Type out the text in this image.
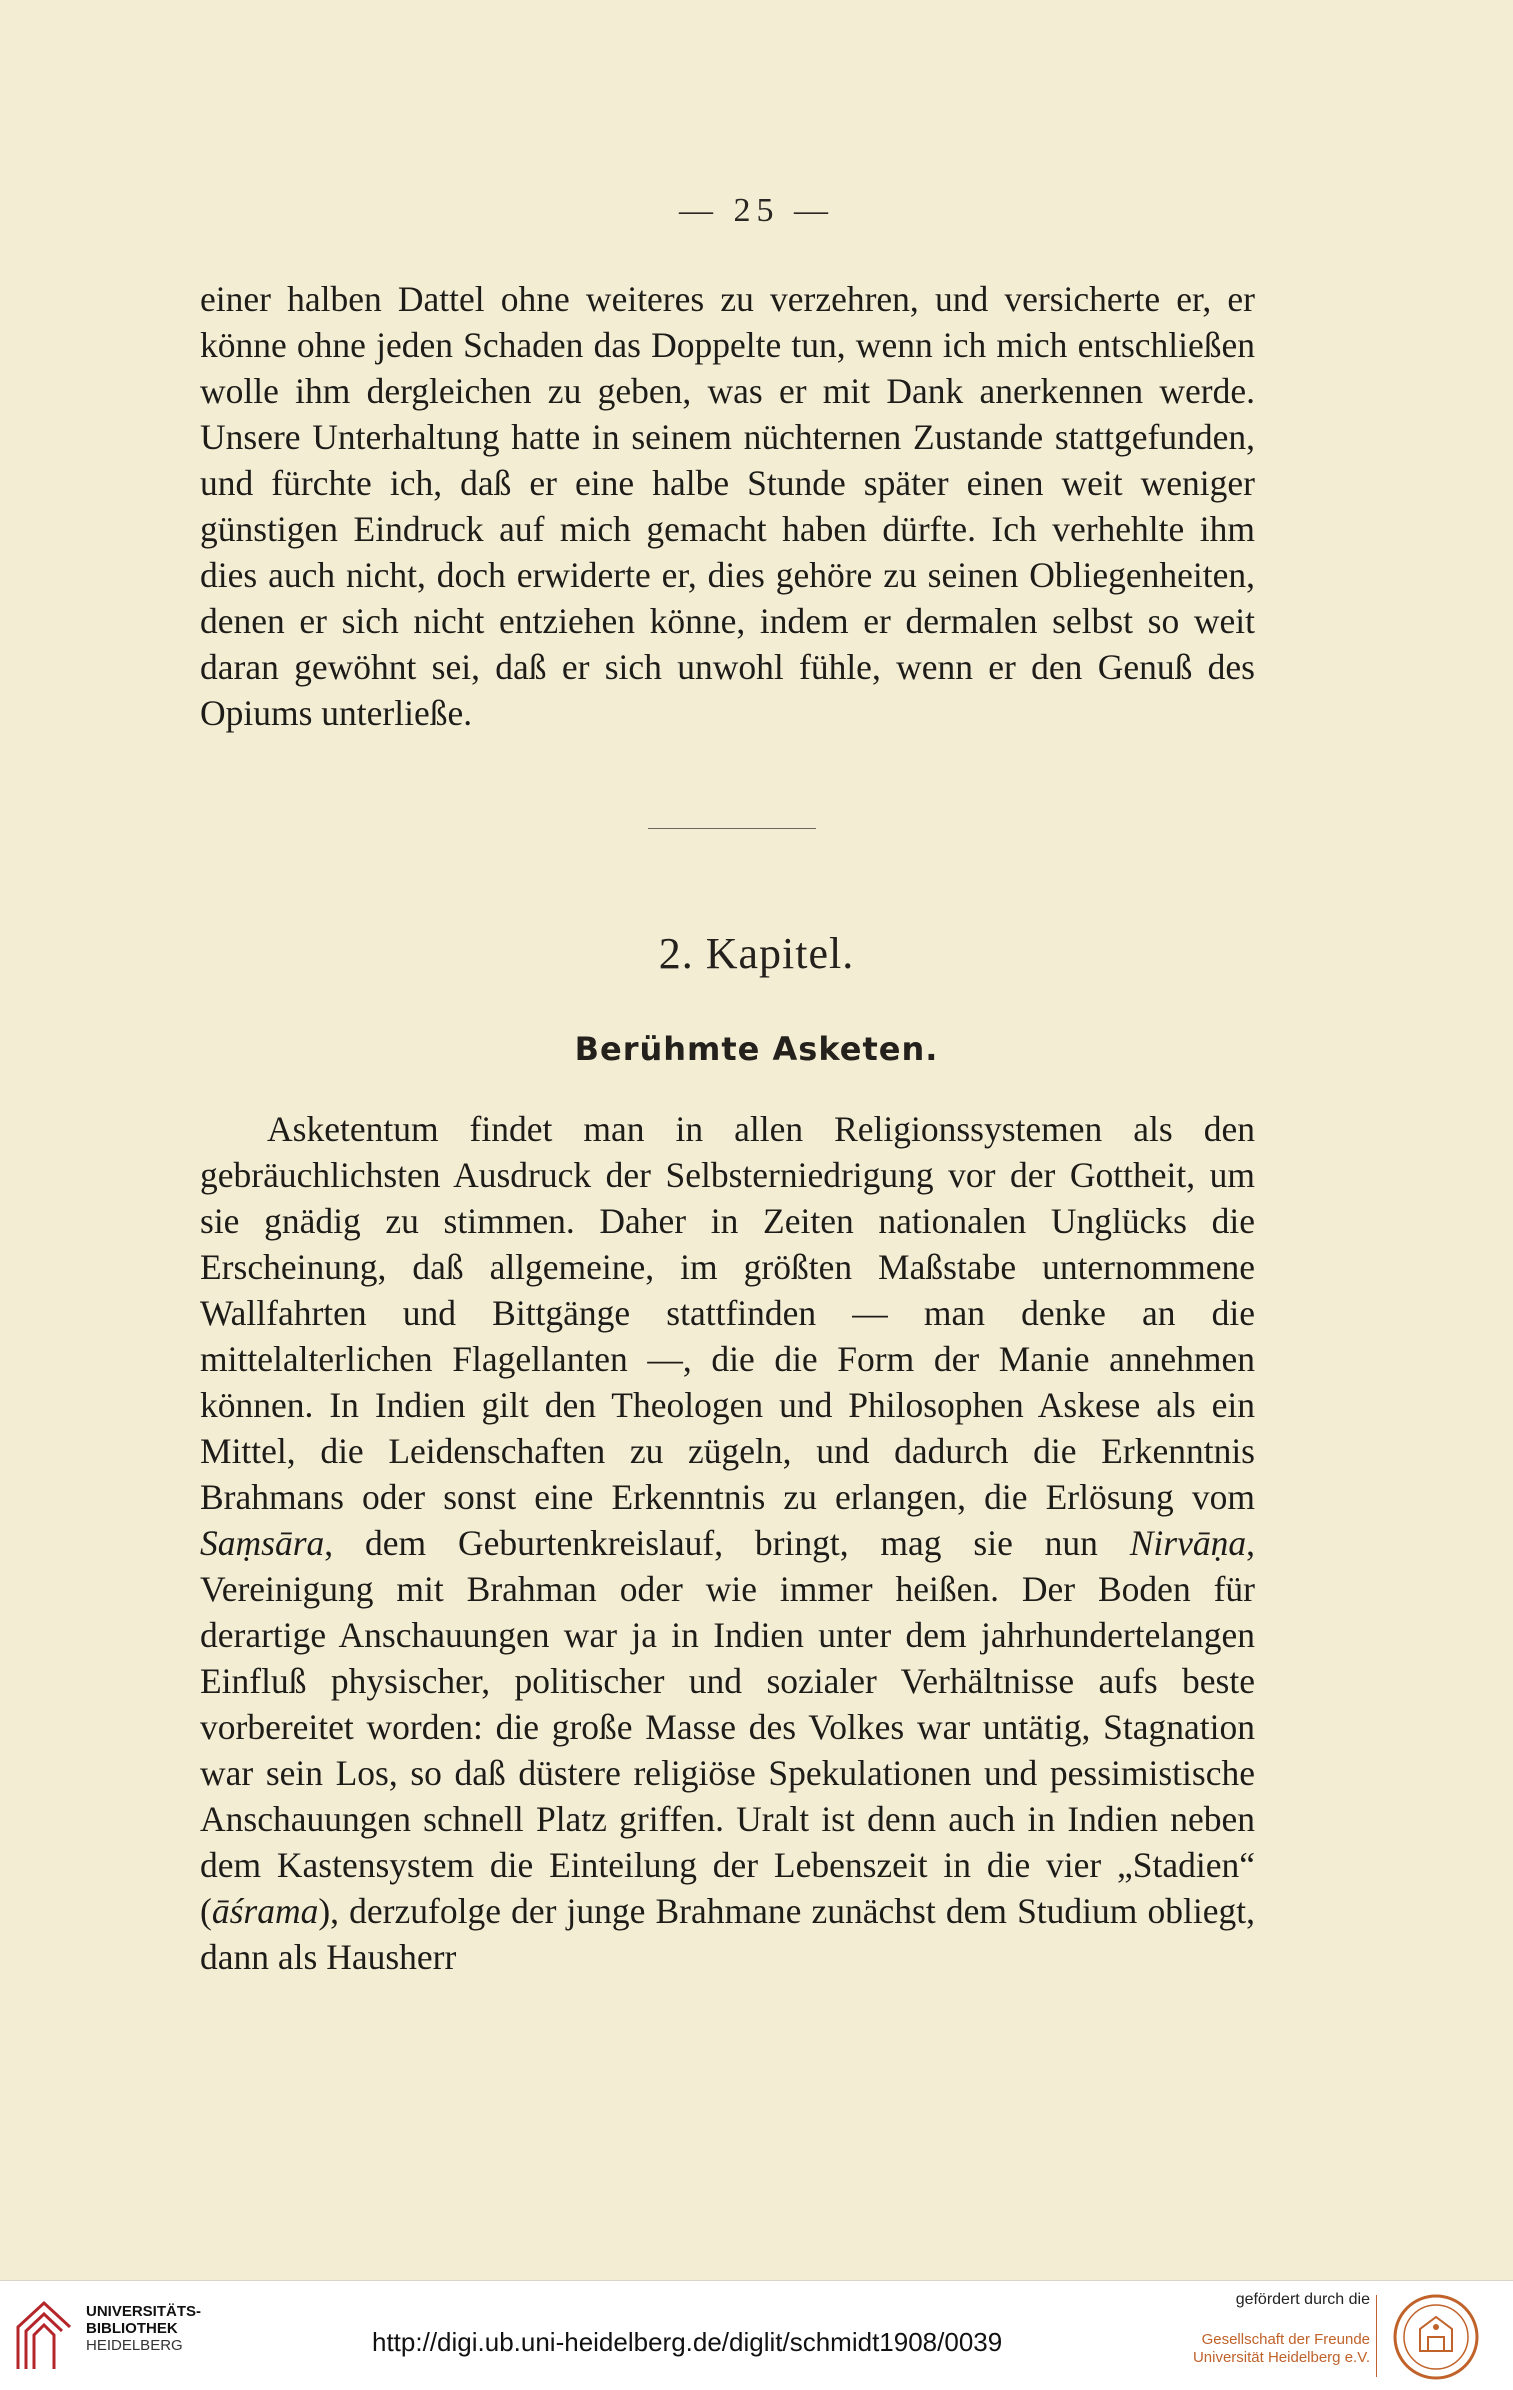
— 25 —

einer halben Dattel ohne weiteres zu verzehren, und versicherte er, er könne ohne jeden Schaden das Doppelte tun, wenn ich mich entschließen wolle ihm dergleichen zu geben, was er mit Dank anerkennen werde. Unsere Unterhaltung hatte in seinem nüchternen Zustande stattgefunden, und fürchte ich, daß er eine halbe Stunde später einen weit weniger günstigen Eindruck auf mich gemacht haben dürfte. Ich verhehlte ihm dies auch nicht, doch erwiderte er, dies gehöre zu seinen Obliegenheiten, denen er sich nicht entziehen könne, indem er dermalen selbst so weit daran gewöhnt sei, daß er sich unwohl fühle, wenn er den Genuß des Opiums unterließe.

2. Kapitel.
Berühmte Asketen.

Asketentum findet man in allen Religionssystemen als den gebräuchlichsten Ausdruck der Selbsterniedrigung vor der Gottheit, um sie gnädig zu stimmen. Daher in Zeiten nationalen Unglücks die Erscheinung, daß allgemeine, im größten Maßstabe unternommene Wallfahrten und Bittgänge stattfinden — man denke an die mittelalterlichen Flagellanten —, die die Form der Manie annehmen können. In Indien gilt den Theologen und Philosophen Askese als ein Mittel, die Leidenschaften zu zügeln, und dadurch die Erkenntnis Brahmans oder sonst eine Erkenntnis zu erlangen, die Erlösung vom Saṃsāra, dem Geburtenkreislauf, bringt, mag sie nun Nirvāṇa, Vereinigung mit Brahman oder wie immer heißen. Der Boden für derartige Anschauungen war ja in Indien unter dem jahrhundertelangen Einfluß physischer, politischer und sozialer Verhältnisse aufs beste vorbereitet worden: die große Masse des Volkes war untätig, Stagnation war sein Los, so daß düstere religiöse Spekulationen und pessimistische Anschauungen schnell Platz griffen. Uralt ist denn auch in Indien neben dem Kastensystem die Einteilung der Lebenszeit in die vier „Stadien“ (āśrama), derzufolge der junge Brahmane zunächst dem Studium obliegt, dann als Hausherr

UNIVERSITÄTS-
BIBLIOTHEK
HEIDELBERG	http://digi.ub.uni-heidelberg.de/diglit/schmidt1908/0039
gefördert durch die
Gesellschaft der Freunde
Universität Heidelberg e.V.
